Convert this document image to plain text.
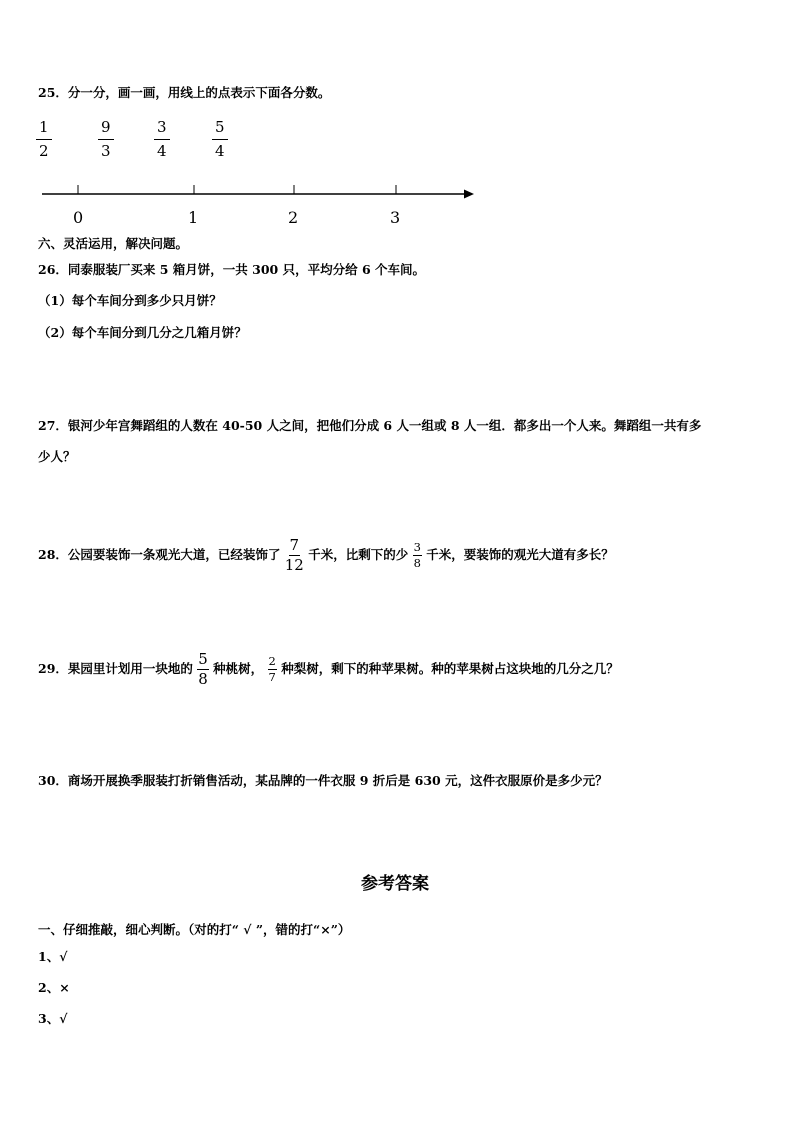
25．分一分，画一画，用线上的点表示下面各分数。
$\frac{1}{2}$	$\frac{9}{3}$	$\frac{3}{4}$	$\frac{5}{4}$
0	1	2	3
六、灵活运用，解决问题。
26．同泰服装厂买来 5 箱月饼，一共 300 只，平均分给 6 个车间。
（1）每个车间分到多少只月饼？
（2）每个车间分到几分之几箱月饼？
27．银河少年宫舞蹈组的人数在 40-50 人之间，把他们分成 6 人一组或 8 人一组．都多出一个人来。舞蹈组一共有多
少人？
28．公园要装饰一条观光大道，已经装饰了 $\frac{7}{12}$ 千米，比剩下的少 $\frac{3}{8}$ 千米，要装饰的观光大道有多长？
29．果园里计划用一块地的 $\frac{5}{8}$ 种桃树， $\frac{2}{7}$ 种梨树，剩下的种苹果树。种的苹果树占这块地的几分之几？
30．商场开展换季服装打折销售活动，某品牌的一件衣服 9 折后是 630 元，这件衣服原价是多少元？
参考答案
一、仔细推敲，细心判断。（对的打“ √ ”，错的打“×”）
1、√
2、×
3、√
